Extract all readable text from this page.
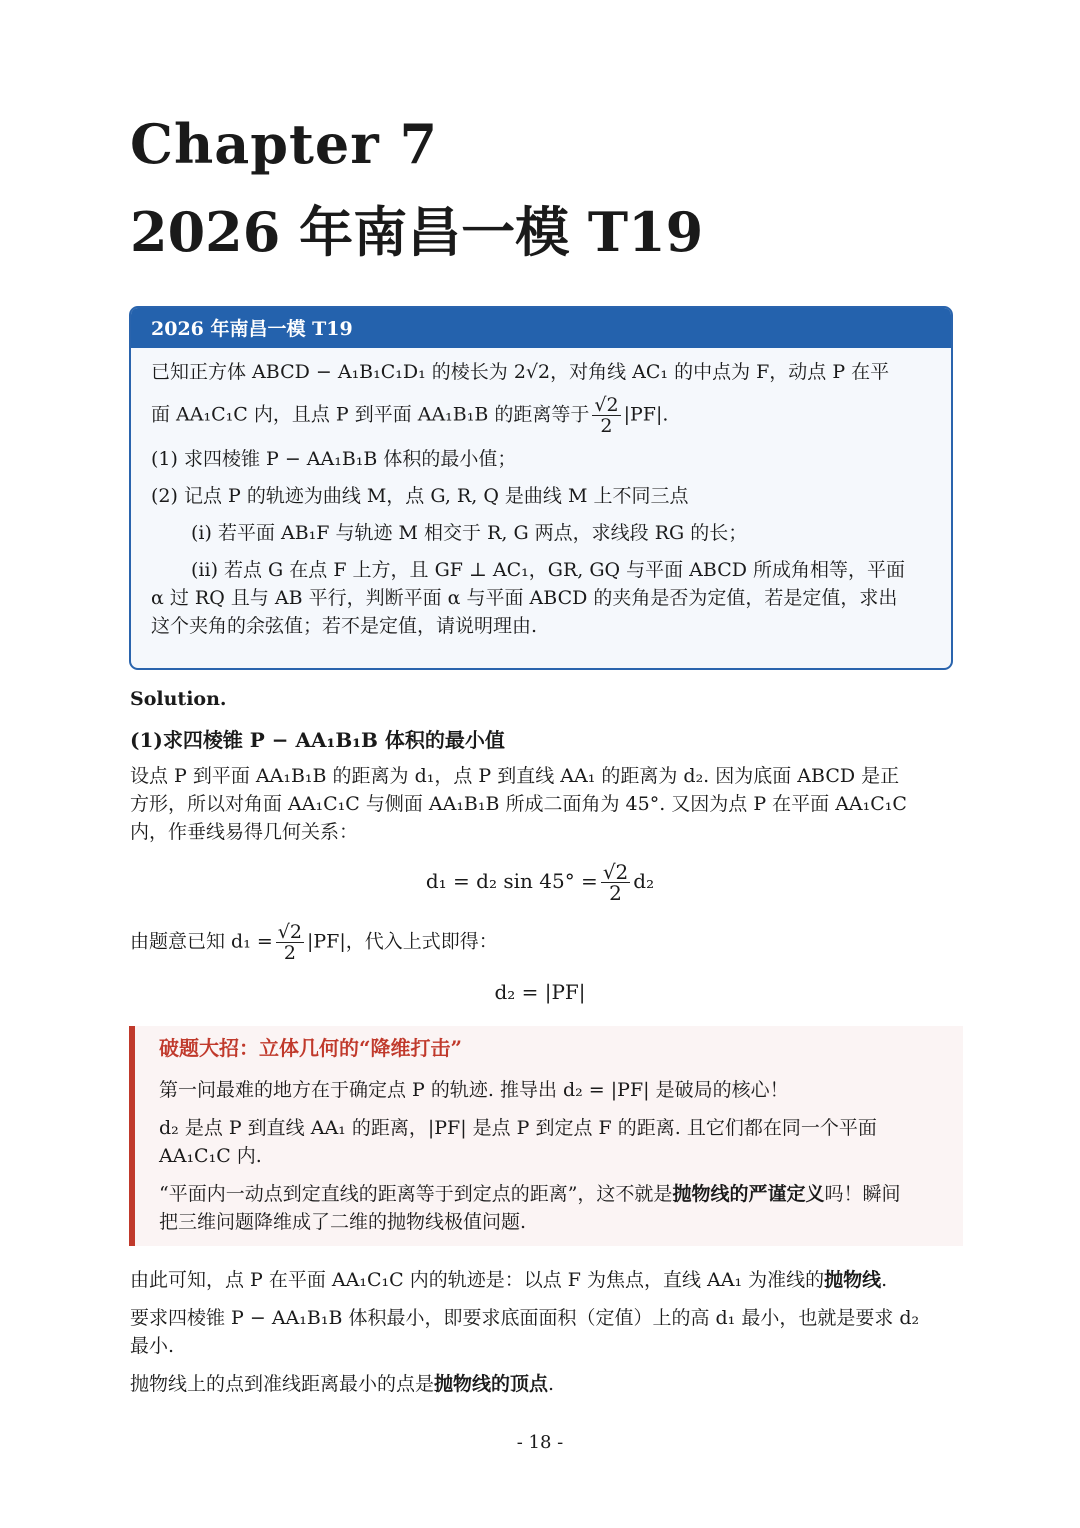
Chapter 7
2026 年南昌一模 T19
2026 年南昌一模 T19

已知正方体 ABCD − A₁B₁C₁D₁ 的棱长为 2√2，对角线 AC₁ 的中点为 F，动点 P 在平

面 AA₁C₁C 内，且点 P 到平面 AA₁B₁B 的距离等于 $\frac{√2}{2} |PF|$.

(1) 求四棱锥 P − AA₁B₁B 体积的最小值；

(2) 记点 P 的轨迹为曲线 M，点 G, R, Q 是曲线 M 上不同三点

(i) 若平面 AB₁F 与轨迹 M 相交于 R, G 两点，求线段 RG 的长；

(ii) 若点 G 在点 F 上方，且 GF ⊥ AC₁，GR, GQ 与平面 ABCD 所成角相等，平面

α 过 RQ 且与 AB 平行，判断平面 α 与平面 ABCD 的夹角是否为定值，若是定值，求出

这个夹角的余弦值；若不是定值，请说明理由.

Solution.
(1)求四棱锥 P − AA₁B₁B 体积的最小值

设点 P 到平面 AA₁B₁B 的距离为 d₁，点 P 到直线 AA₁ 的距离为 d₂. 因为底面 ABCD 是正

方形，所以对角面 AA₁C₁C 与侧面 AA₁B₁B 所成二面角为 45°. 又因为点 P 在平面 AA₁C₁C

内，作垂线易得几何关系：

d₁ = d₂ $\sin 45^\circ = \frac{√2}{2} d_2$
由题意已知 $d_1 = \frac{√2}{2} |PF|$，代入上式即得：
d₂ = |PF|
破题大招：立体几何的“降维打击”

第一问最难的地方在于确定点 P 的轨迹. 推导出 d₂ = |PF| 是破局的核心！

d₂ 是点 P 到直线 AA₁ 的距离，|PF| 是点 P 到定点 F 的距离. 且它们都在同一个平面

AA₁C₁C 内.

“平面内一动点到定直线的距离等于到定点的距离”，这不就是抛物线的严谨定义吗！瞬间

把三维问题降维成了二维的抛物线极值问题.

由此可知，点 P 在平面 AA₁C₁C 内的轨迹是：以点 F 为焦点，直线 AA₁ 为准线的抛物线.

要求四棱锥 P − AA₁B₁B 体积最小，即要求底面面积（定值）上的高 d₁ 最小，也就是要求 d₂

最小.

抛物线上的点到准线距离最小的点是抛物线的顶点.

- 18 -
